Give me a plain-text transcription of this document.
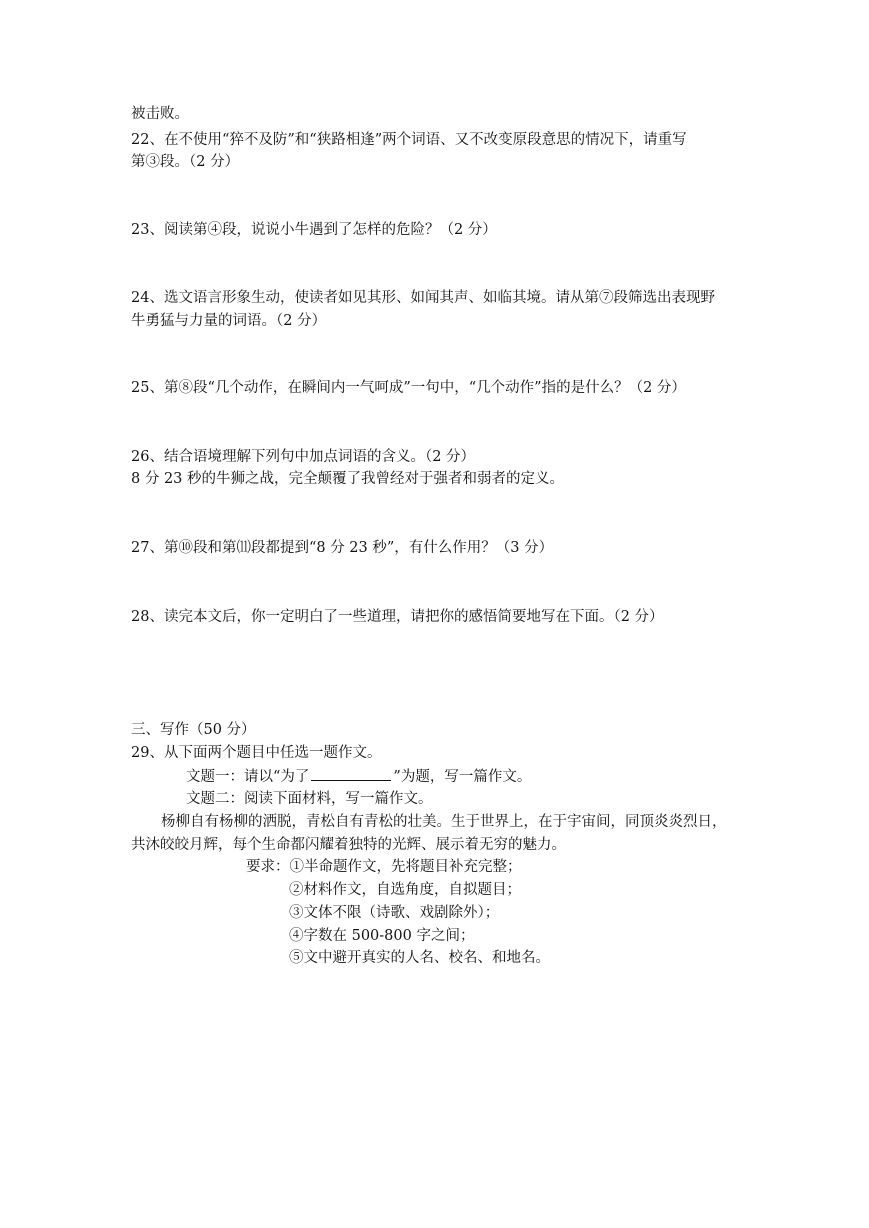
被击败。
22、在不使用“猝不及防”和“狭路相逢”两个词语、又不改变原段意思的情况下，请重写
第③段。（2 分）
23、阅读第④段，说说小牛遇到了怎样的危险？（2 分）
24、选文语言形象生动，使读者如见其形、如闻其声、如临其境。请从第⑦段筛选出表现野
牛勇猛与力量的词语。（2 分）
25、第⑧段“几个动作，在瞬间内一气呵成”一句中，“几个动作”指的是什么？（2 分）
26、结合语境理解下列句中加点词语的含义。（2 分）
8 分 23 秒的牛狮之战，完全颠覆了我曾经对于强者和弱者的定义。
27、第⑩段和第⑾段都提到“8 分 23 秒”，有什么作用？（3 分）
28、读完本文后，你一定明白了一些道理，请把你的感悟简要地写在下面。（2 分）
三、写作（50 分）
29、从下面两个题目中任选一题作文。
文题一：请以“为了	”为题，写一篇作文。
文题二：阅读下面材料，写一篇作文。
杨柳自有杨柳的洒脱，青松自有青松的壮美。生于世界上，在于宇宙间，同顶炎炎烈日，
共沐皎皎月辉，每个生命都闪耀着独特的光辉、展示着无穷的魅力。
要求：①半命题作文，先将题目补充完整；
②材料作文，自选角度，自拟题目；
③文体不限（诗歌、戏剧除外）；
④字数在 500-800 字之间；
⑤文中避开真实的人名、校名、和地名。
